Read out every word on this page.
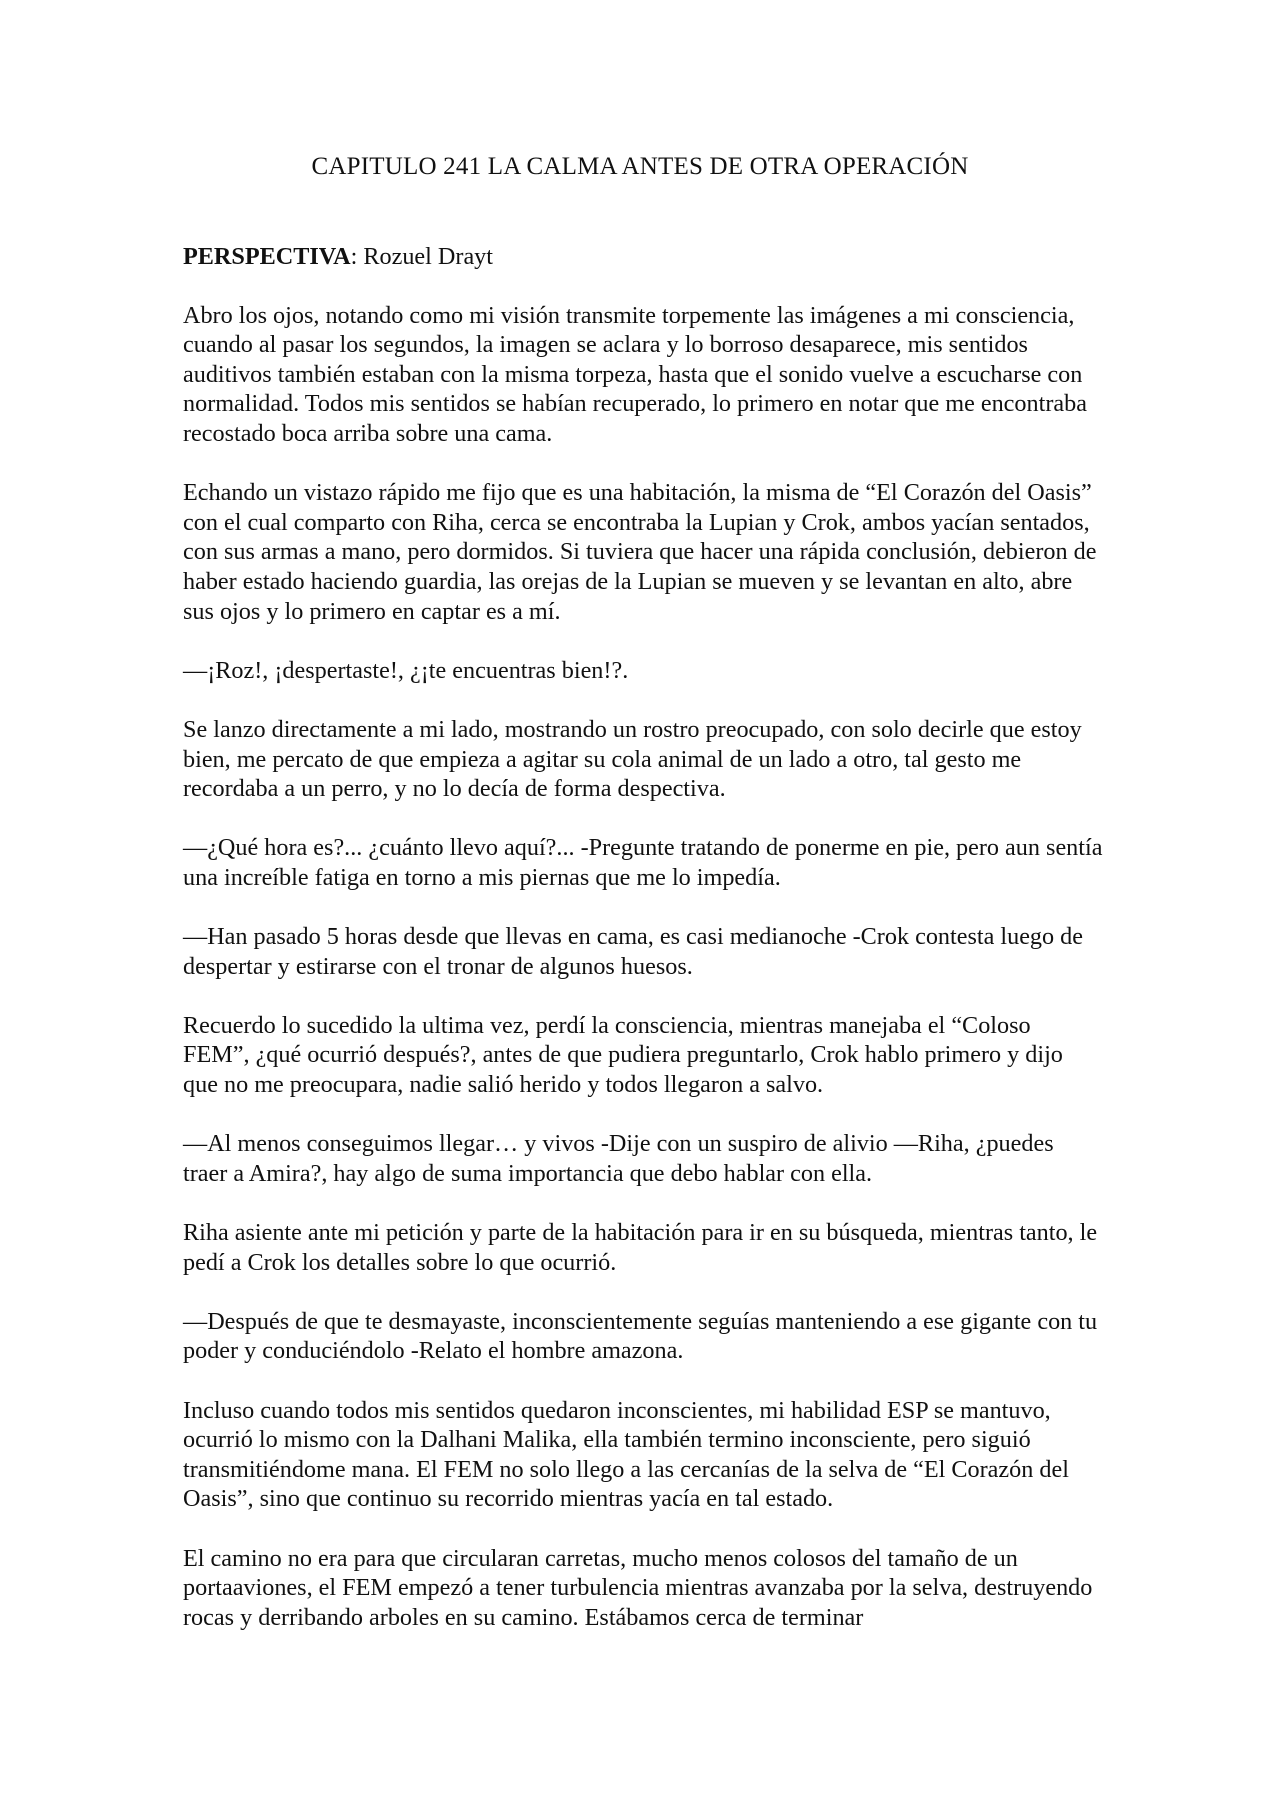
CAPITULO 241 LA CALMA ANTES DE OTRA OPERACIÓN

PERSPECTIVA: Rozuel Drayt

Abro los ojos, notando como mi visión transmite torpemente las imágenes a mi consciencia, cuando al pasar los segundos, la imagen se aclara y lo borroso desaparece, mis sentidos auditivos también estaban con la misma torpeza, hasta que el sonido vuelve a escucharse con normalidad. Todos mis sentidos se habían recuperado, lo primero en notar que me encontraba recostado boca arriba sobre una cama.

Echando un vistazo rápido me fijo que es una habitación, la misma de “El Corazón del Oasis” con el cual comparto con Riha, cerca se encontraba la Lupian y Crok, ambos yacían sentados, con sus armas a mano, pero dormidos. Si tuviera que hacer una rápida conclusión, debieron de haber estado haciendo guardia, las orejas de la Lupian se mueven y se levantan en alto, abre sus ojos y lo primero en captar es a mí.

—¡Roz!, ¡despertaste!, ¿¡te encuentras bien!?.

Se lanzo directamente a mi lado, mostrando un rostro preocupado, con solo decirle que estoy bien, me percato de que empieza a agitar su cola animal de un lado a otro, tal gesto me recordaba a un perro, y no lo decía de forma despectiva.

—¿Qué hora es?... ¿cuánto llevo aquí?... -Pregunte tratando de ponerme en pie, pero aun sentía una increíble fatiga en torno a mis piernas que me lo impedía.

—Han pasado 5 horas desde que llevas en cama, es casi medianoche -Crok contesta luego de despertar y estirarse con el tronar de algunos huesos.

Recuerdo lo sucedido la ultima vez, perdí la consciencia, mientras manejaba el “Coloso FEM”, ¿qué ocurrió después?, antes de que pudiera preguntarlo, Crok hablo primero y dijo que no me preocupara, nadie salió herido y todos llegaron a salvo.

—Al menos conseguimos llegar… y vivos -Dije con un suspiro de alivio —Riha, ¿puedes traer a Amira?, hay algo de suma importancia que debo hablar con ella.

Riha asiente ante mi petición y parte de la habitación para ir en su búsqueda, mientras tanto, le pedí a Crok los detalles sobre lo que ocurrió.

—Después de que te desmayaste, inconscientemente seguías manteniendo a ese gigante con tu poder y conduciéndolo -Relato el hombre amazona.

Incluso cuando todos mis sentidos quedaron inconscientes, mi habilidad ESP se mantuvo, ocurrió lo mismo con la Dalhani Malika, ella también termino inconsciente, pero siguió transmitiéndome mana. El FEM no solo llego a las cercanías de la selva de “El Corazón del Oasis”, sino que continuo su recorrido mientras yacía en tal estado.

El camino no era para que circularan carretas, mucho menos colosos del tamaño de un portaaviones, el FEM empezó a tener turbulencia mientras avanzaba por la selva, destruyendo rocas y derribando arboles en su camino. Estábamos cerca de terminar
